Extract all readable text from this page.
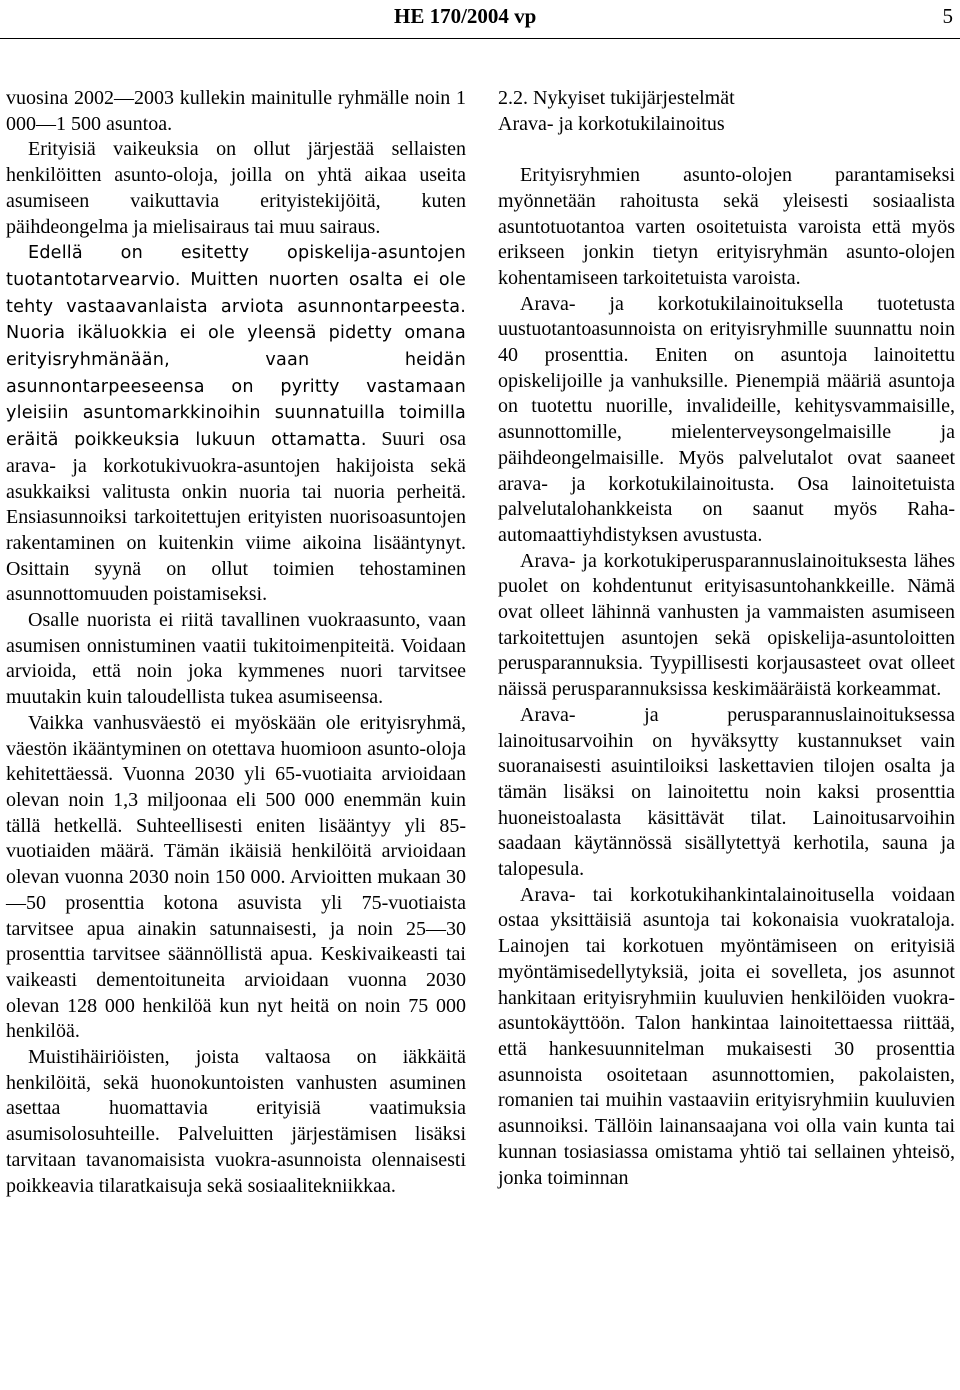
HE 170/2004 vp	5

vuosina 2002—2003 kullekin mainitulle ryhmälle noin 1 000—1 500 asuntoa.

Erityisiä vaikeuksia on ollut järjestää sellaisten henkilöitten asunto-oloja, joilla on yhtä aikaa useita asumiseen vaikuttavia erityistekijöitä, kuten päihdeongelma ja mielisairaus tai muu sairaus.

Edellä on esitetty opiskelija-asuntojen tuotantotarvearvio. Muitten nuorten osalta ei ole tehty vastaavanlaista arviota asunnontarpeesta. Nuoria ikäluokkia ei ole yleensä pidetty omana erityisryhmänään, vaan heidän asunnontarpeeseensa on pyritty vastamaan yleisiin asuntomarkkinoihin suunnatuilla toimilla eräitä poikkeuksia lukuun ottamatta. Suuri osa arava- ja korkotukivuokra-asuntojen hakijoista sekä asukkaiksi valitusta onkin nuoria tai nuoria perheitä. Ensiasunnoiksi tarkoitettujen erityisten nuorisoasuntojen rakentaminen on kuitenkin viime aikoina lisääntynyt. Osittain syynä on ollut toimien tehostaminen asunnottomuuden poistamiseksi.

Osalle nuorista ei riitä tavallinen vuokraasunto, vaan asumisen onnistuminen vaatii tukitoimenpiteitä. Voidaan arvioida, että noin joka kymmenes nuori tarvitsee muutakin kuin taloudellista tukea asumiseensa.

Vaikka vanhusväestö ei myöskään ole erityisryhmä, väestön ikääntyminen on otettava huomioon asunto-oloja kehitettäessä. Vuonna 2030 yli 65-vuotiaita arvioidaan olevan noin 1,3 miljoonaa eli 500 000 enemmän kuin tällä hetkellä. Suhteellisesti eniten lisääntyy yli 85-vuotiaiden määrä. Tämän ikäisiä henkilöitä arvioidaan olevan vuonna 2030 noin 150 000. Arvioitten mukaan 30—50 prosenttia kotona asuvista yli 75-vuotiaista tarvitsee apua ainakin satunnaisesti, ja noin 25—30 prosenttia tarvitsee säännöllistä apua. Keskivaikeasti tai vaikeasti dementoituneita arvioidaan vuonna 2030 olevan 128 000 henkilöä kun nyt heitä on noin 75 000 henkilöä.

Muistihäiriöisten, joista valtaosa on iäkkäitä henkilöitä, sekä huonokuntoisten vanhusten asuminen asettaa huomattavia erityisiä vaatimuksia asumisolosuhteille. Palveluitten järjestämisen lisäksi tarvitaan tavanomaisista vuokra-asunnoista olennaisesti poikkeavia tilaratkaisuja sekä sosiaalitekniikkaa.

2.2. Nykyiset tukijärjestelmät

Arava- ja korkotukilainoitus

Erityisryhmien asunto-olojen parantamiseksi myönnetään rahoitusta sekä yleisesti sosiaalista asuntotuotantoa varten osoitetuista varoista että myös erikseen jonkin tietyn erityisryhmän asunto-olojen kohentamiseen tarkoitetuista varoista.

Arava- ja korkotukilainoituksella tuotetusta uustuotantoasunnoista on erityisryhmille suunnattu noin 40 prosenttia. Eniten on asuntoja lainoitettu opiskelijoille ja vanhuksille. Pienempiä määriä asuntoja on tuotettu nuorille, invalideille, kehitysvammaisille, asunnottomille, mielenterveysongelmaisille ja päihdeongelmaisille. Myös palvelutalot ovat saaneet arava- ja korkotukilainoitusta. Osa lainoitetuista palvelutalohankkeista on saanut myös Raha-automaattiyhdistyksen avustusta.

Arava- ja korkotukiperusparannuslainoituksesta lähes puolet on kohdentunut erityisasuntohankkeille. Nämä ovat olleet lähinnä vanhusten ja vammaisten asumiseen tarkoitettujen asuntojen sekä opiskelija-asuntoloitten perusparannuksia. Tyypillisesti korjausasteet ovat olleet näissä perusparannuksissa keskimääräistä korkeammat.

Arava- ja perusparannuslainoituksessa lainoitusarvoihin on hyväksytty kustannukset vain suoranaisesti asuintiloiksi laskettavien tilojen osalta ja tämän lisäksi on lainoitettu noin kaksi prosenttia huoneistoalasta käsittävät tilat. Lainoitusarvoihin saadaan käytännössä sisällytettyä kerhotila, sauna ja talopesula.

Arava- tai korkotukihankintalainoitusella voidaan ostaa yksittäisiä asuntoja tai kokonaisia vuokrataloja. Lainojen tai korkotuen myöntämiseen on erityisiä myöntämisedellytyksiä, joita ei sovelleta, jos asunnot hankitaan erityisryhmiin kuuluvien henkilöiden vuokra-asuntokäyttöön. Talon hankintaa lainoitettaessa riittää, että hankesuunnitelman mukaisesti 30 prosenttia asunnoista osoitetaan asunnottomien, pakolaisten, romanien tai muihin vastaaviin erityisryhmiin kuuluvien asunnoiksi. Tällöin lainansaajana voi olla vain kunta tai kunnan tosiasiassa omistama yhtiö tai sellainen yhteisö, jonka toiminnan
